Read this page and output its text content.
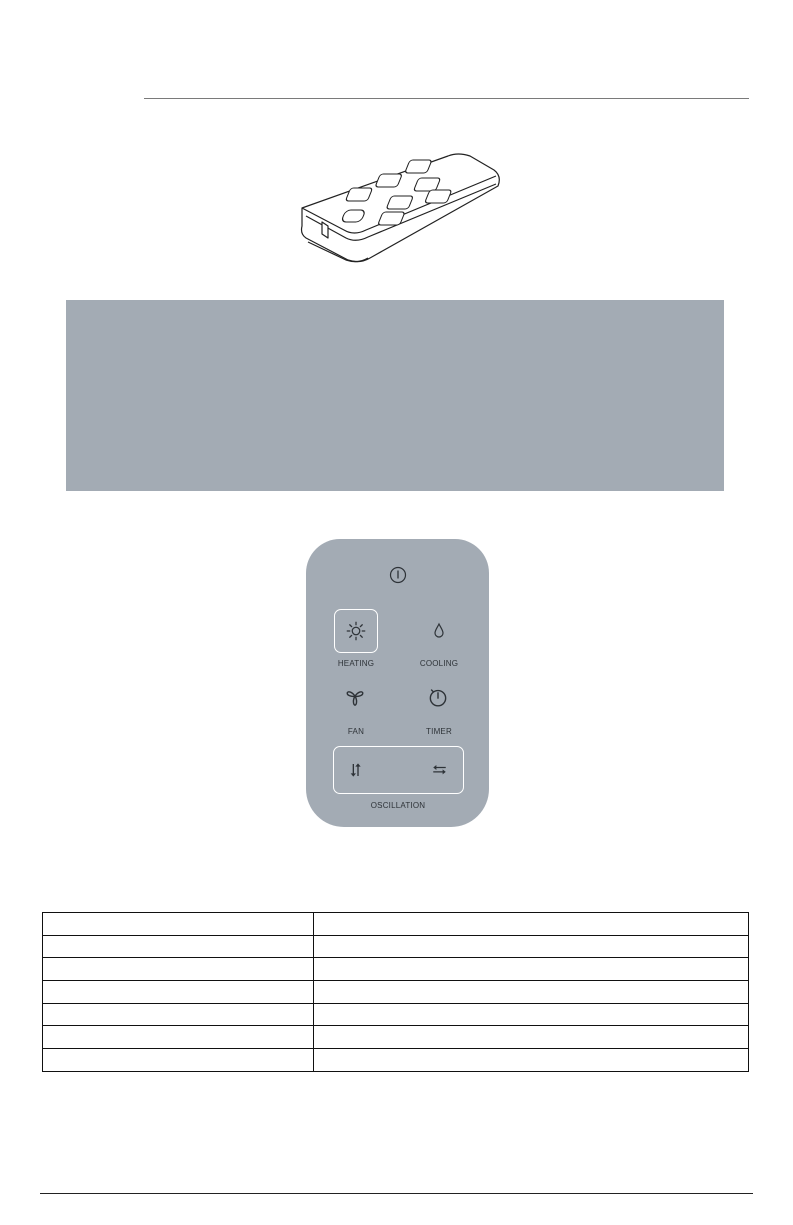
HEATING	COOLING
FAN	TIMER
OSCILLATION
